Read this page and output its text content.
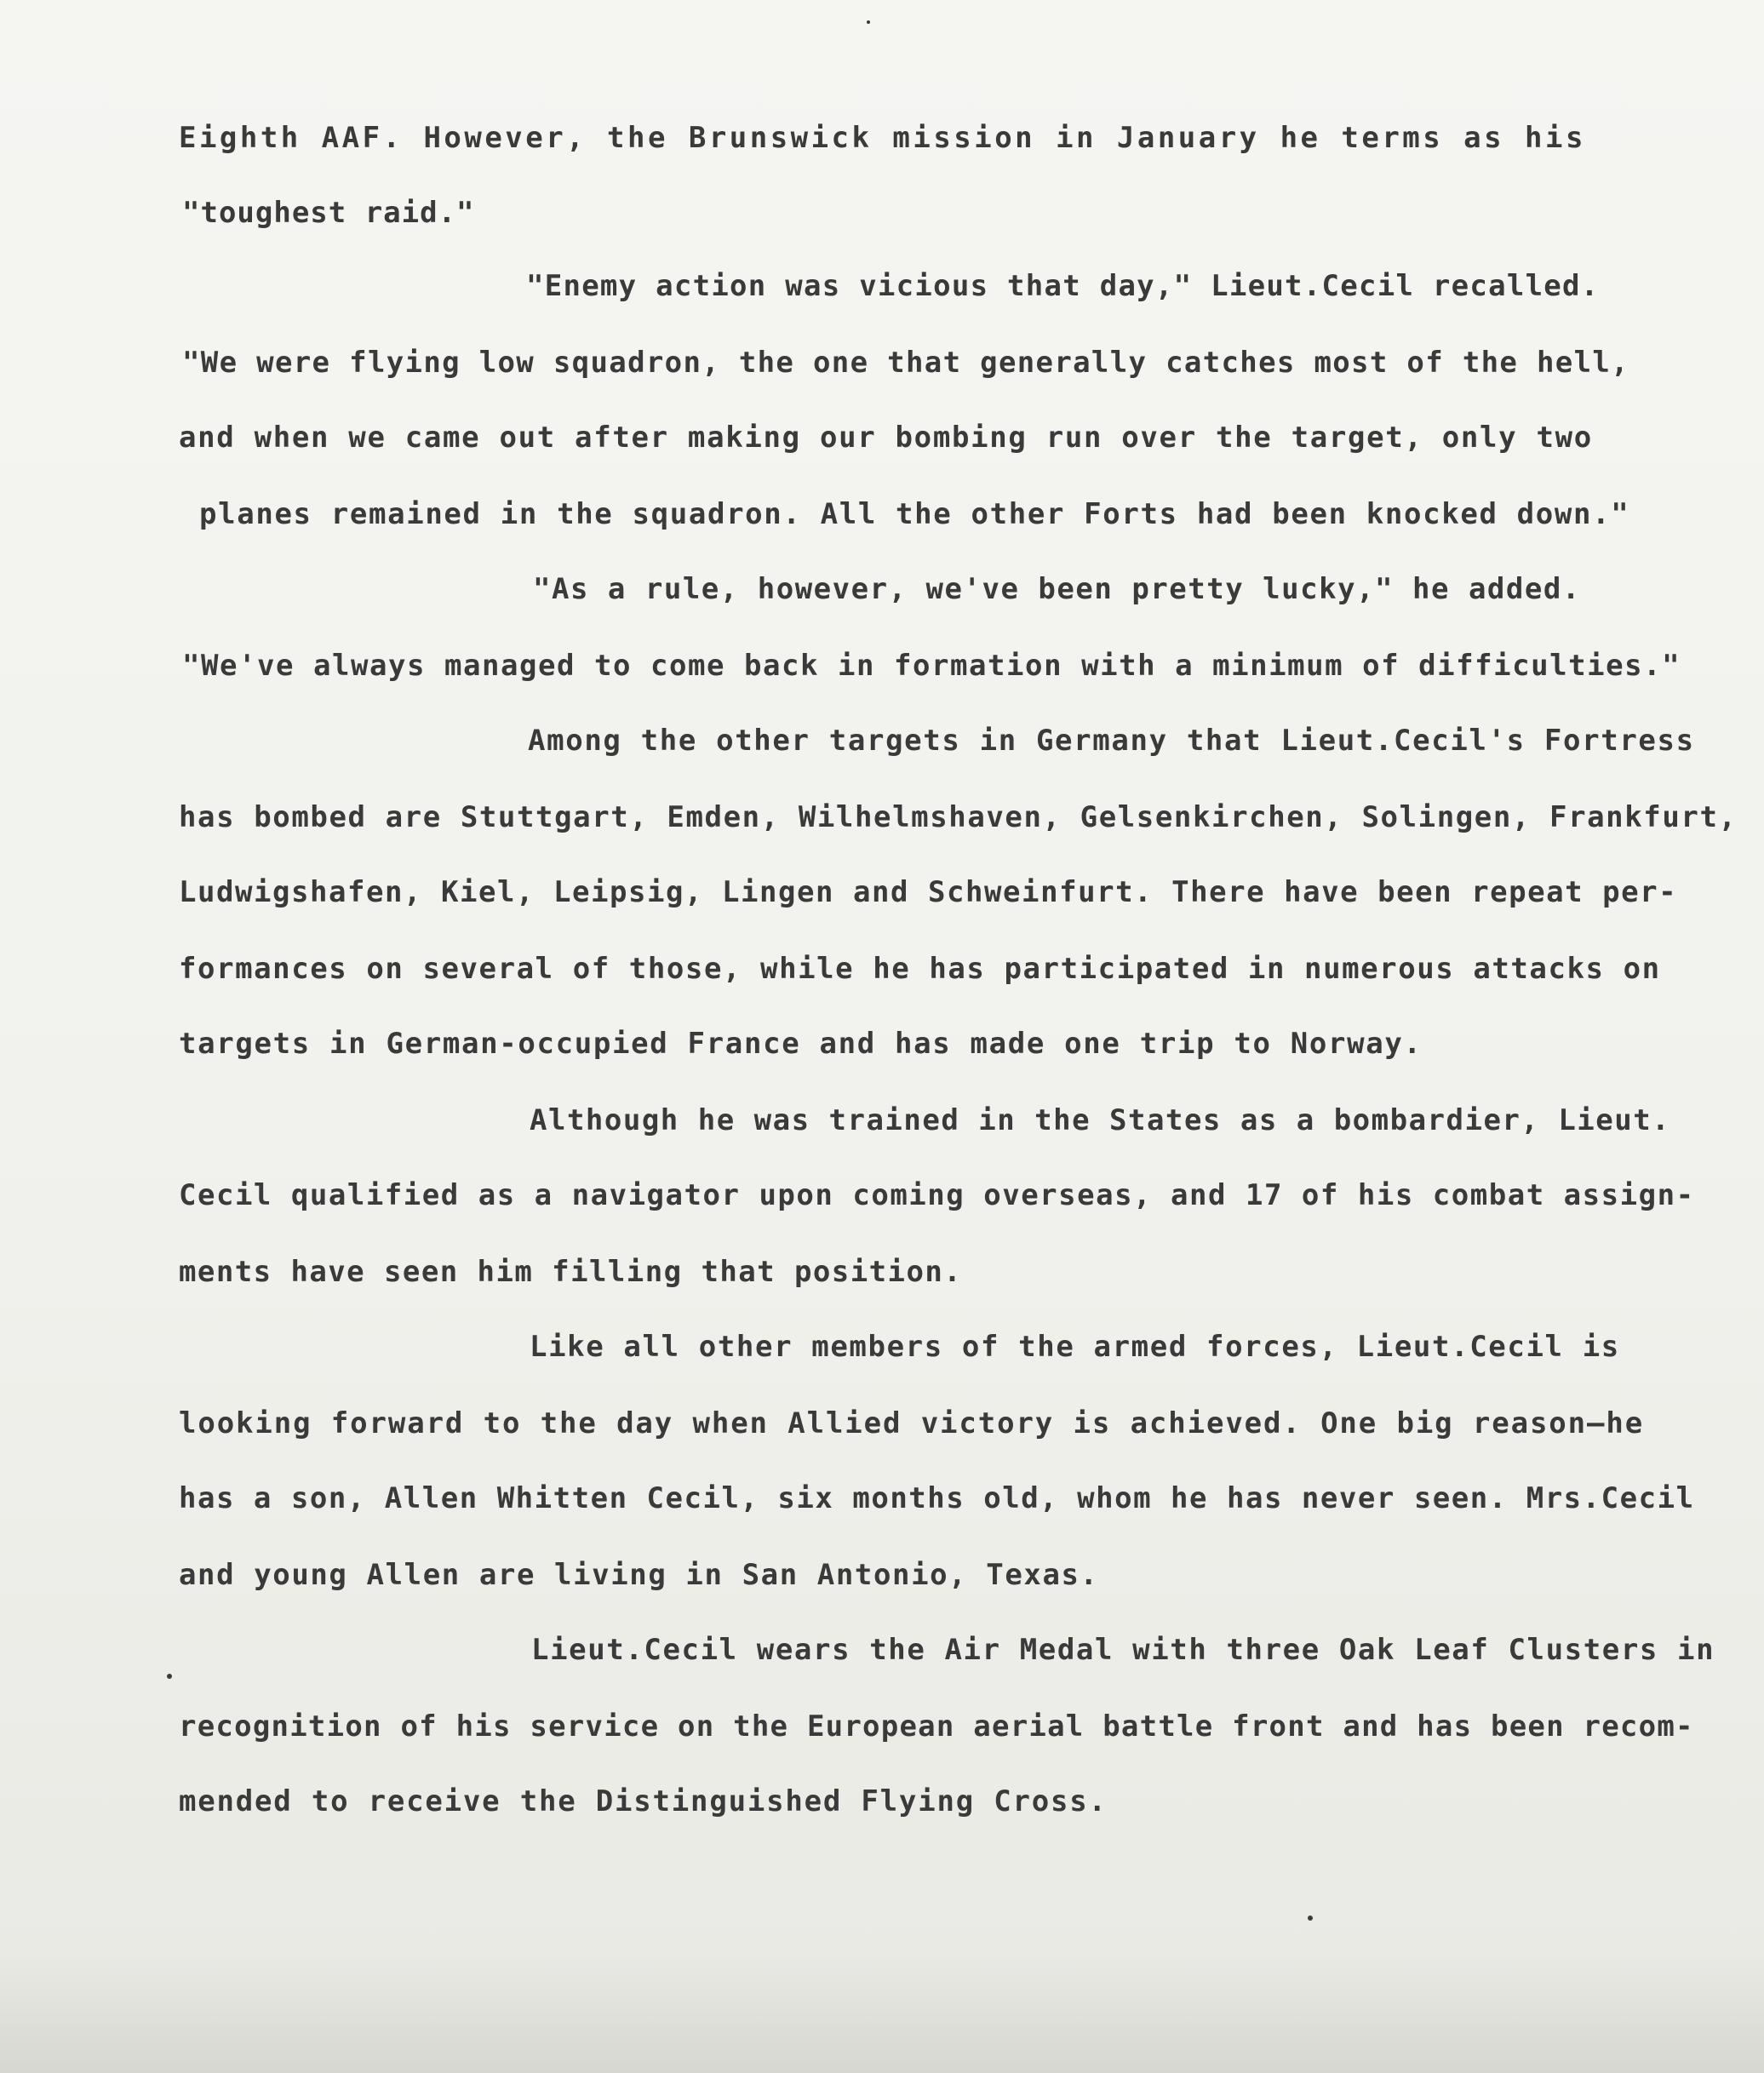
Eighth AAF. However, the Brunswick mission in January he terms as his

"toughest raid."

"Enemy action was vicious that day," Lieut.Cecil recalled.

"We were flying low squadron, the one that generally catches most of the hell,

and when we came out after making our bombing run over the target, only two

planes remained in the squadron. All the other Forts had been knocked down."

"As a rule, however, we've been pretty lucky," he added.

"We've always managed to come back in formation with a minimum of difficulties."

Among the other targets in Germany that Lieut.Cecil's Fortress

has bombed are Stuttgart, Emden, Wilhelmshaven, Gelsenkirchen, Solingen, Frankfurt,

Ludwigshafen, Kiel, Leipsig, Lingen and Schweinfurt. There have been repeat per-

formances on several of those, while he has participated in numerous attacks on

targets in German-occupied France and has made one trip to Norway.

Although he was trained in the States as a bombardier, Lieut.

Cecil qualified as a navigator upon coming overseas, and 17 of his combat assign-

ments have seen him filling that position.

Like all other members of the armed forces, Lieut.Cecil is

looking forward to the day when Allied victory is achieved. One big reason—he

has a son, Allen Whitten Cecil, six months old, whom he has never seen. Mrs.Cecil

and young Allen are living in San Antonio, Texas.

Lieut.Cecil wears the Air Medal with three Oak Leaf Clusters in

recognition of his service on the European aerial battle front and has been recom-

mended to receive the Distinguished Flying Cross.
